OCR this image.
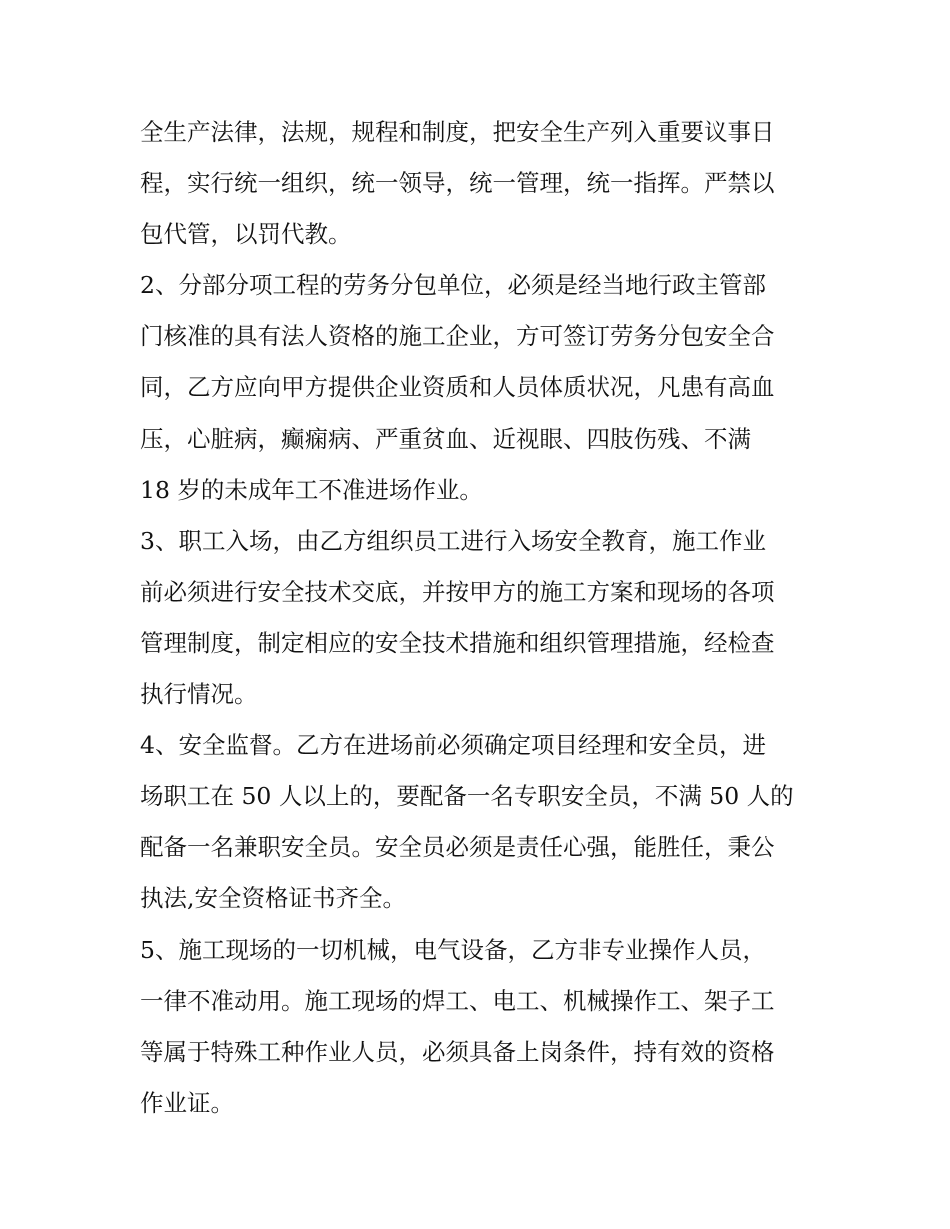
全生产法律，法规，规程和制度，把安全生产列入重要议事日
程，实行统一组织，统一领导，统一管理，统一指挥。严禁以
包代管，以罚代教。
2、分部分项工程的劳务分包单位，必须是经当地行政主管部
门核准的具有法人资格的施工企业，方可签订劳务分包安全合
同，乙方应向甲方提供企业资质和人员体质状况，凡患有高血
压，心脏病，癫痫病、严重贫血、近视眼、四肢伤残、不满
18 岁的未成年工不准进场作业。
3、职工入场，由乙方组织员工进行入场安全教育，施工作业
前必须进行安全技术交底，并按甲方的施工方案和现场的各项
管理制度，制定相应的安全技术措施和组织管理措施，经检查
执行情况。
4、安全监督。乙方在进场前必须确定项目经理和安全员，进
场职工在 50 人以上的，要配备一名专职安全员，不满 50 人的
配备一名兼职安全员。安全员必须是责任心强，能胜任，秉公
执法,安全资格证书齐全。
5、施工现场的一切机械，电气设备，乙方非专业操作人员，
一律不准动用。施工现场的焊工、电工、机械操作工、架子工
等属于特殊工种作业人员，必须具备上岗条件，持有效的资格
作业证。
